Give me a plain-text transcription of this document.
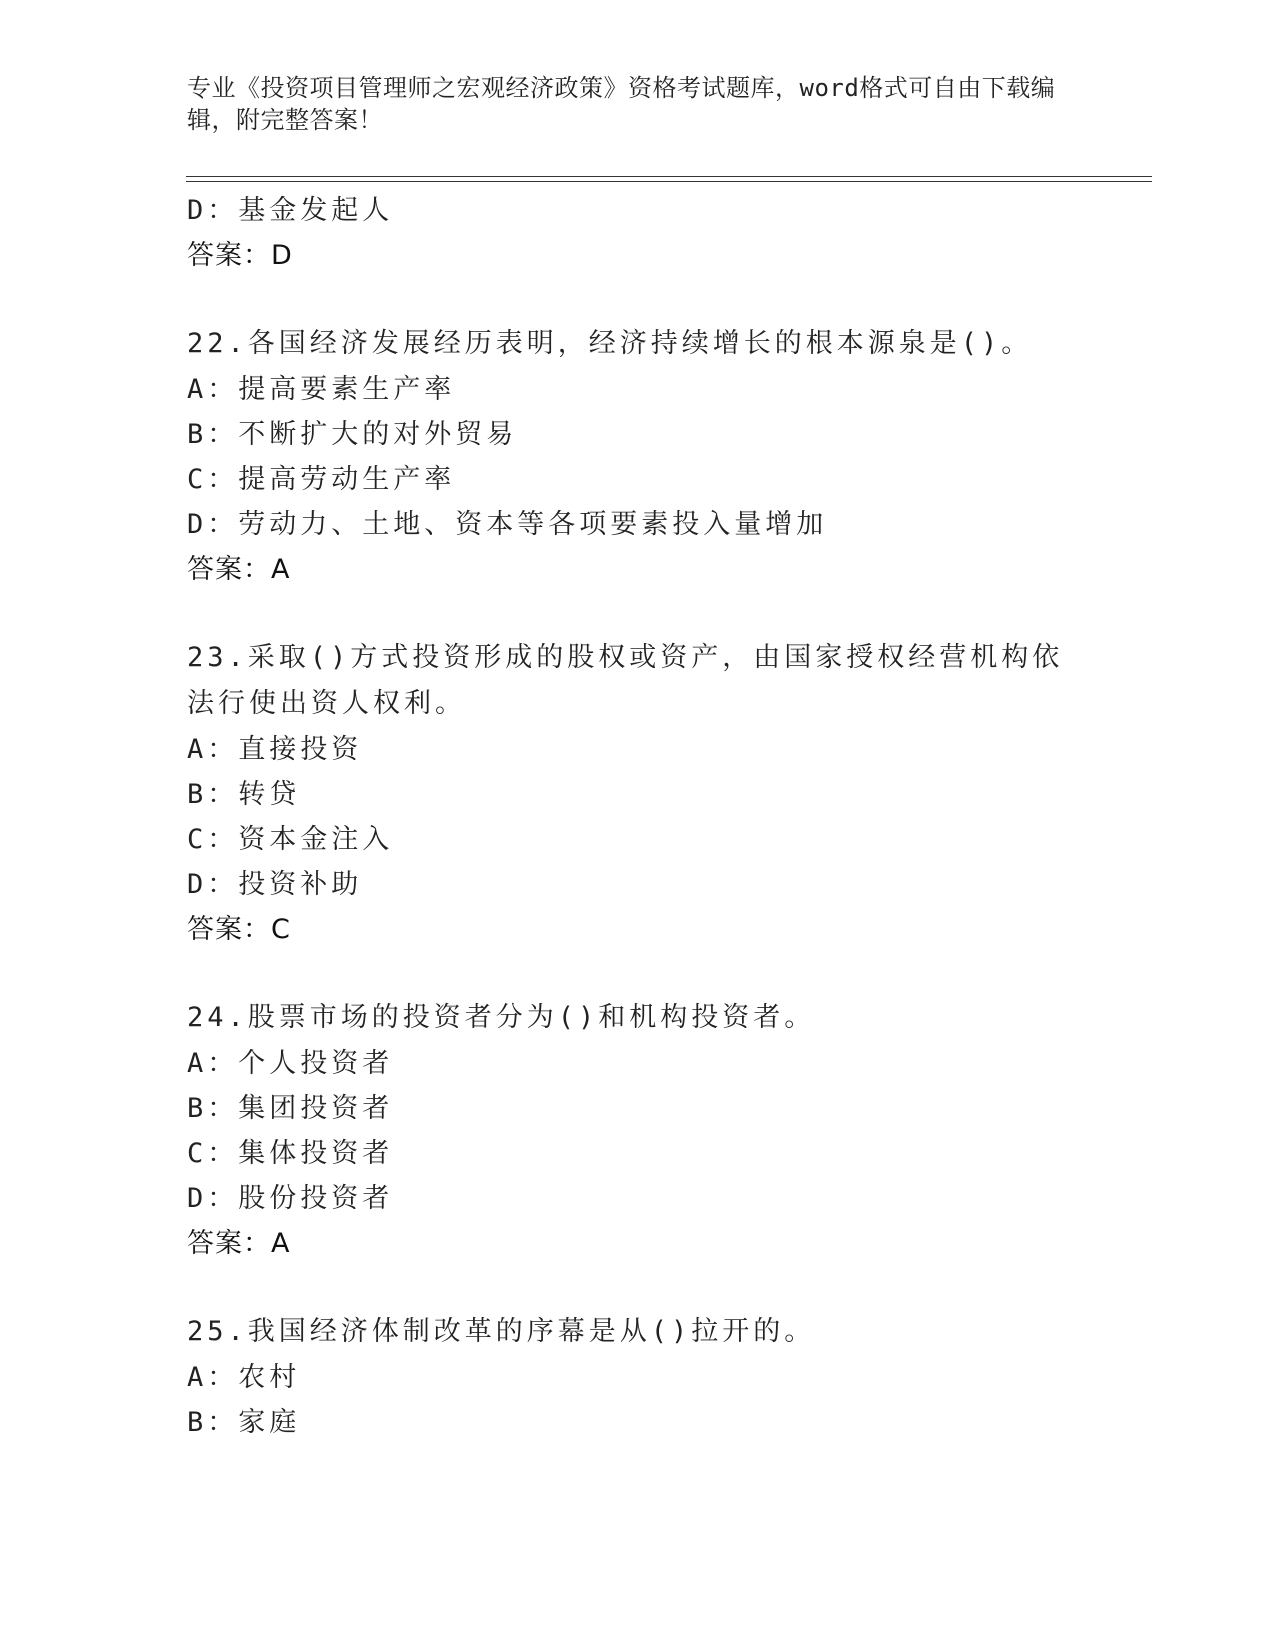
专业《投资项目管理师之宏观经济政策》资格考试题库，word格式可自由下载编
辑，附完整答案！
D：基金发起人
答案：D
22.各国经济发展经历表明，经济持续增长的根本源泉是()。
A：提高要素生产率
B：不断扩大的对外贸易
C：提高劳动生产率
D：劳动力、土地、资本等各项要素投入量增加
答案：A
23.采取()方式投资形成的股权或资产，由国家授权经营机构依法行使出资人权利。
A：直接投资
B：转贷
C：资本金注入
D：投资补助
答案：C
24.股票市场的投资者分为()和机构投资者。
A：个人投资者
B：集团投资者
C：集体投资者
D：股份投资者
答案：A
25.我国经济体制改革的序幕是从()拉开的。
A：农村
B：家庭
